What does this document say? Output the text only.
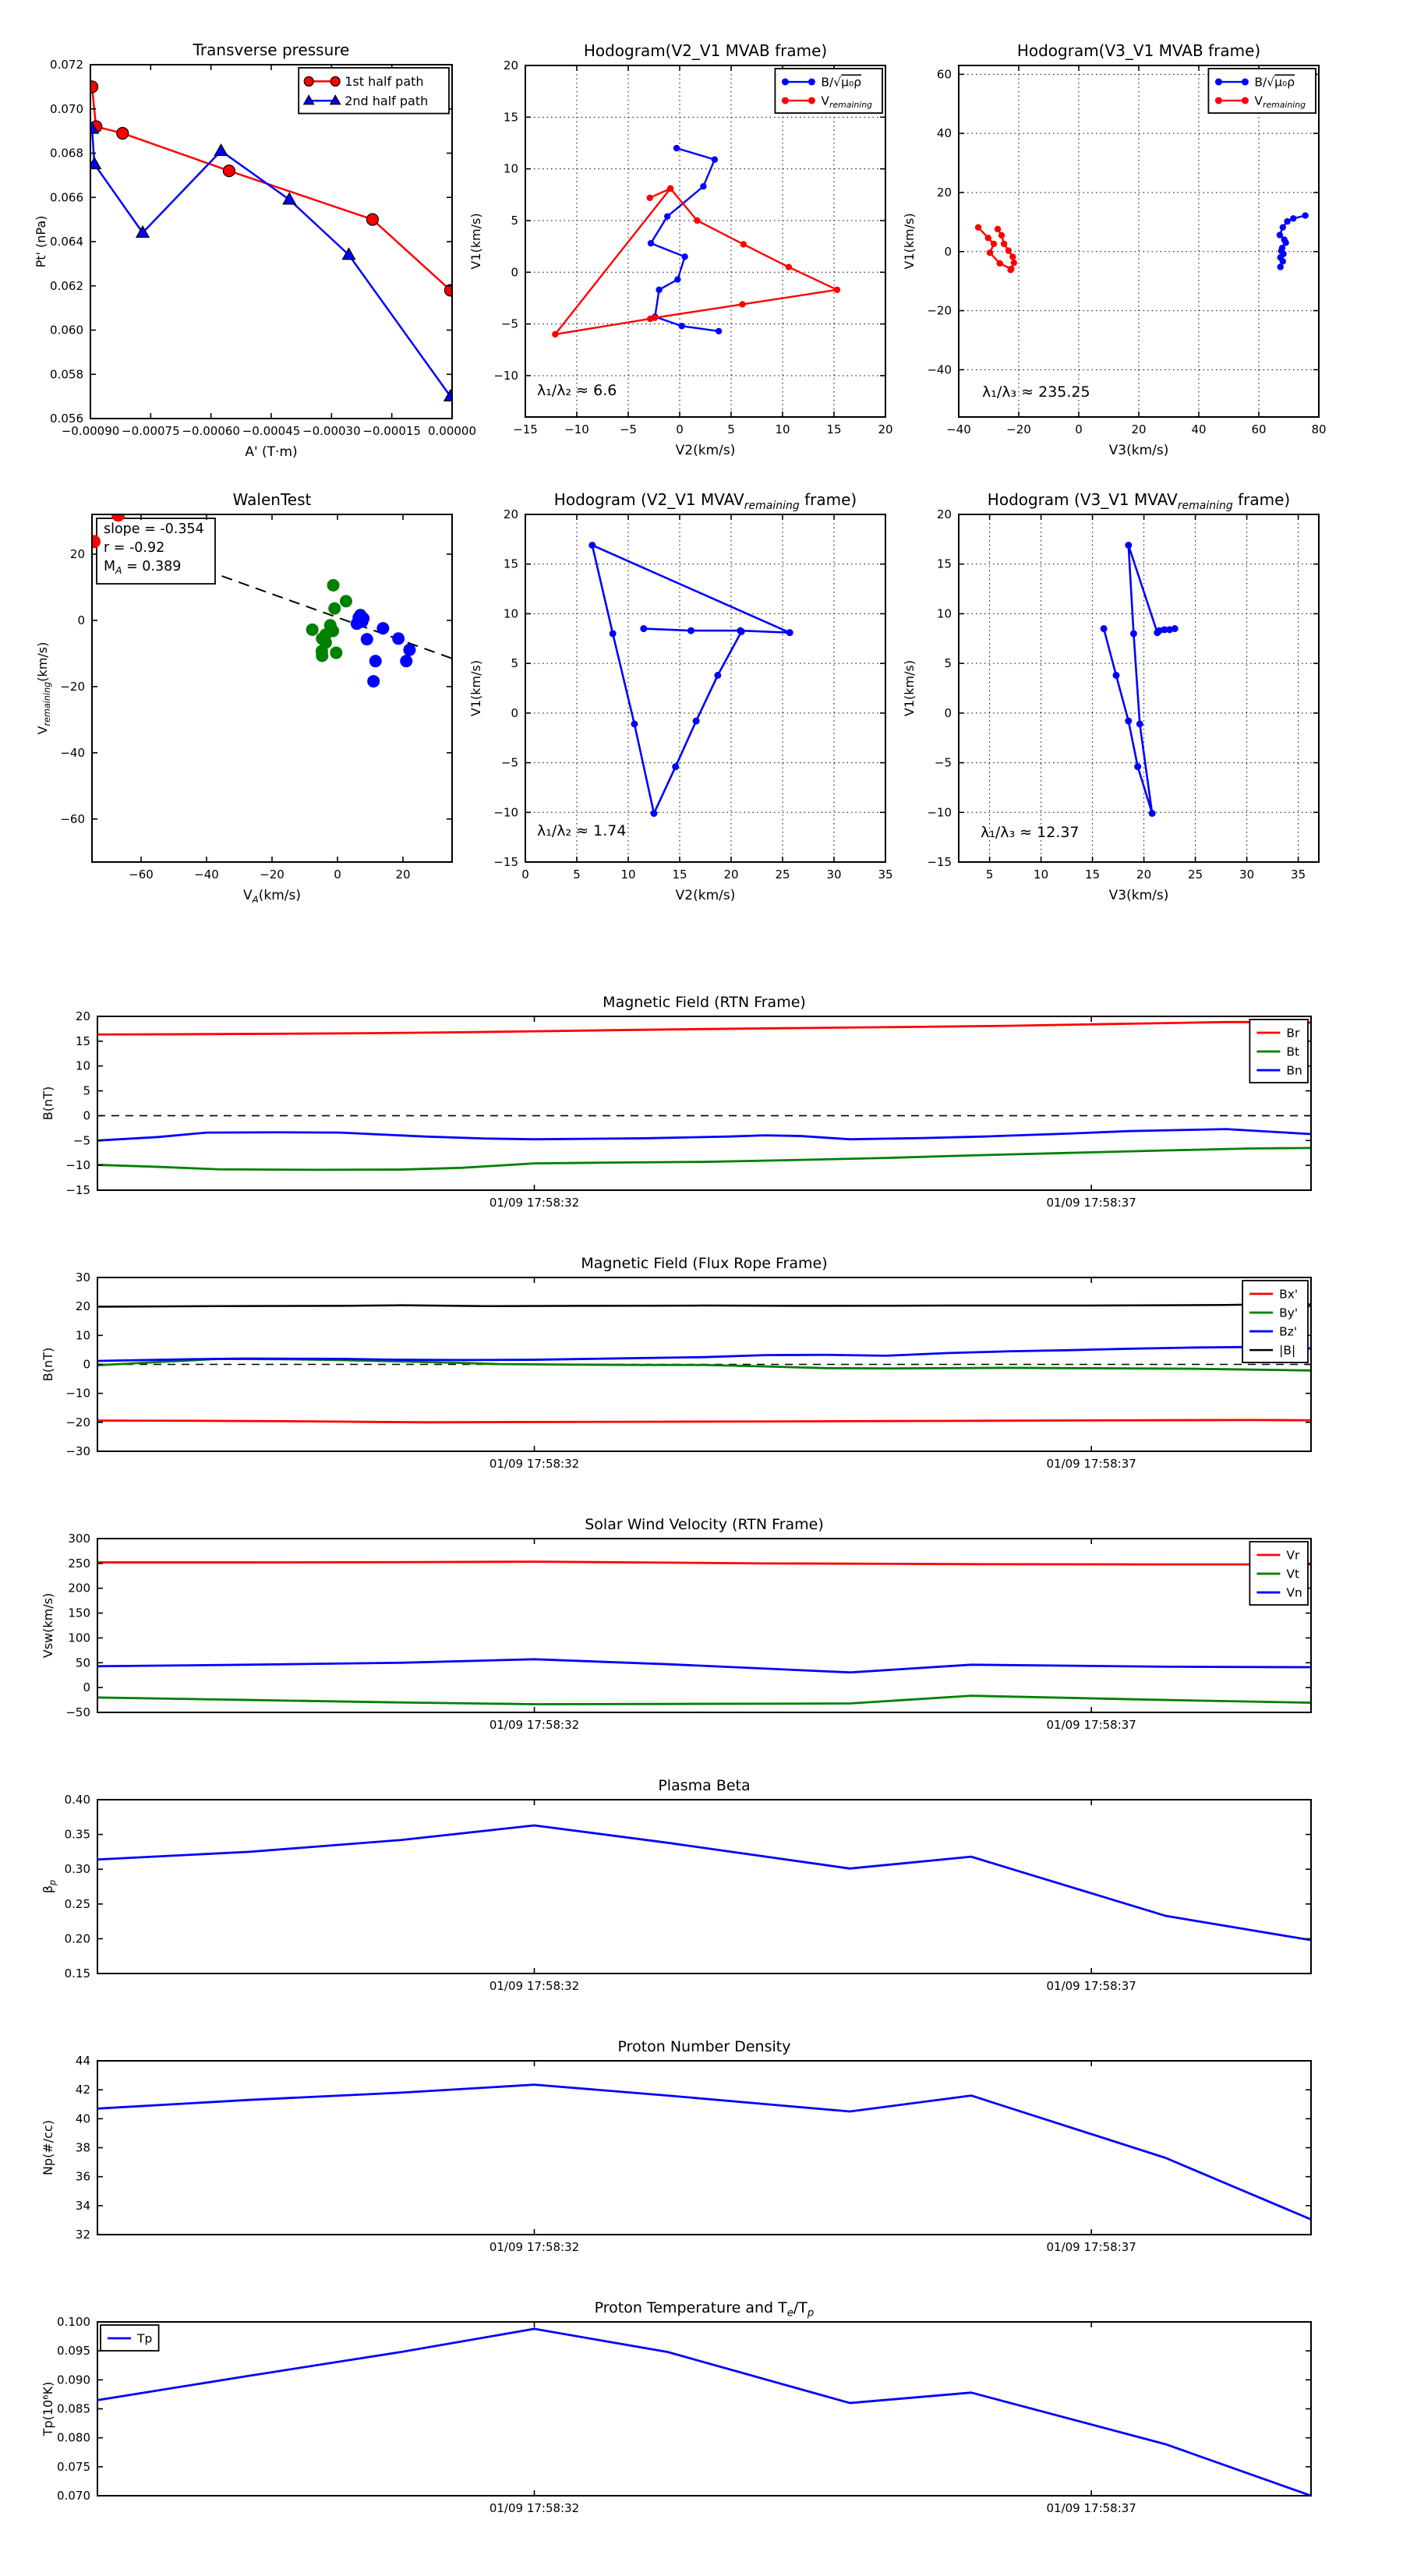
−0.00090 −0.00075 −0.00060 −0.00045 −0.00030 −0.00015 0.00000
0.056
0.058
0.060
0.062
0.064
0.066
0.068
0.070
0.072
Transverse pressure
A' (T·m)
Pt' (nPa)
1st half path
2nd half path
λ₁/λ₂ ≈ 6.6
−15 −10	−5	0	5	10	15	20
−10
−5
0
5
10
15
20
Hodogram(V2_V1 MVAB frame)
V2(km/s)
V1(km/s)
B/√μ₀ρ
$V_{remaining}$
λ₁/λ₃ ≈ 235.25
−40	−20	0	20	40	60	80
−40
−20
0
20
40
60
Hodogram(V3_V1 MVAB frame)
V3(km/s)
V1(km/s)
B/√μ₀ρ
$V_{remaining}$
slope = -0.354
r = -0.92
$M_A = 0.389$
−60	−40	−20	0	20
−60
−40
−20
0
20
WalenTest
$V_A(km/s)$
$V_{remaining}(km/s)$
λ₁/λ₂ ≈ 1.74
0	5	10	15	20	25	30	35
−15
−10
−5
0
5
10
15
20
Hodogram (V2_V1 $MVAV_{remaining}$ frame)
V2(km/s)
V1(km/s)
λ₁/λ₃ ≈ 12.37
5	10	15	20	25	30	35
−15
−10
−5
0
5
10
15
20
Hodogram (V3_V1 $MVAV_{remaining}$ frame)
V3(km/s)
V1(km/s)
01/09 17:58:32	01/09 17:58:37
−15
−10
−5
0
5
10
15
20
Magnetic Field (RTN Frame)
B(nT)
Br
Bt
Bn
01/09 17:58:32	01/09 17:58:37
−30
−20
−10
0
10
20
30
Magnetic Field (Flux Rope Frame)
B(nT)
Bx'
By'
Bz'
|B|
01/09 17:58:32	01/09 17:58:37
−50
0
50
100
150
200
250
300
Solar Wind Velocity (RTN Frame)
Vsw(km/s)
Vr
Vt
Vn
01/09 17:58:32	01/09 17:58:37
0.15
0.20
0.25
0.30
0.35
0.40
Plasma Beta
$\beta_p$
01/09 17:58:32	01/09 17:58:37
32
34
36
38
40
42
44
Proton Number Density
Np(#/cc)
01/09 17:58:32	01/09 17:58:37
0.070
0.075
0.080
0.085
0.090
0.095
0.100
Proton Temperature and $T_e/T_p$
Tp(10⁶K)
Tp
